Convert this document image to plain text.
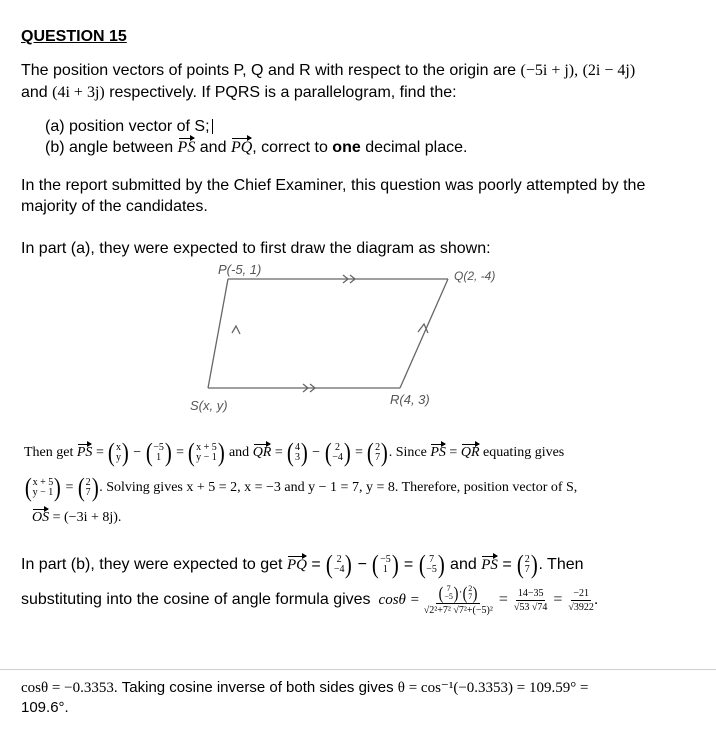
QUESTION 15
The position vectors of points P, Q and R with respect to the origin are (−5i + j), (2i − 4j)
and (4i + 3j) respectively. If PQRS is a parallelogram, find the:
(a) position vector of S;
(b) angle between PS and PQ, correct to one decimal place.
In the report submitted by the Chief Examiner, this question was poorly attempted by the
majority of the candidates.
In part (a), they were expected to first draw the diagram as shown:
P(-5, 1)	Q(2, -4)
S(x, y)	R(4, 3)
Then get PS = ( x
y ) − ( −5
1 ) = ( x + 5
y − 1 ) and QR = ( 4
3 ) − ( 2
−4 ) = ( 2
7 ) . Since PS = QR equating gives
( x + 5
y − 1 ) = ( 2
7 ) . Solving gives x + 5 = 2, x = −3 and y − 1 = 7, y = 8. Therefore, position vector of S,
OS = (−3i + 8j).
In part (b), they were expected to get PQ = ( 2
−4 ) − ( −5
1 ) = ( 7
−5 ) and PS = ( 2
7 ) . Then
substituting into the cosine of angle formula gives cosθ = ( 7
−5 ) · ( 2
7 )
√2²+7² $√7^2+(-5)^2 = \frac{14-35}{√53 √74} = \frac{-21}{√3922}$ .
cosθ = −0.3353. Taking cosine inverse of both sides gives θ = cos⁻¹(−0.3353) = 109.59° =
109.6°.
